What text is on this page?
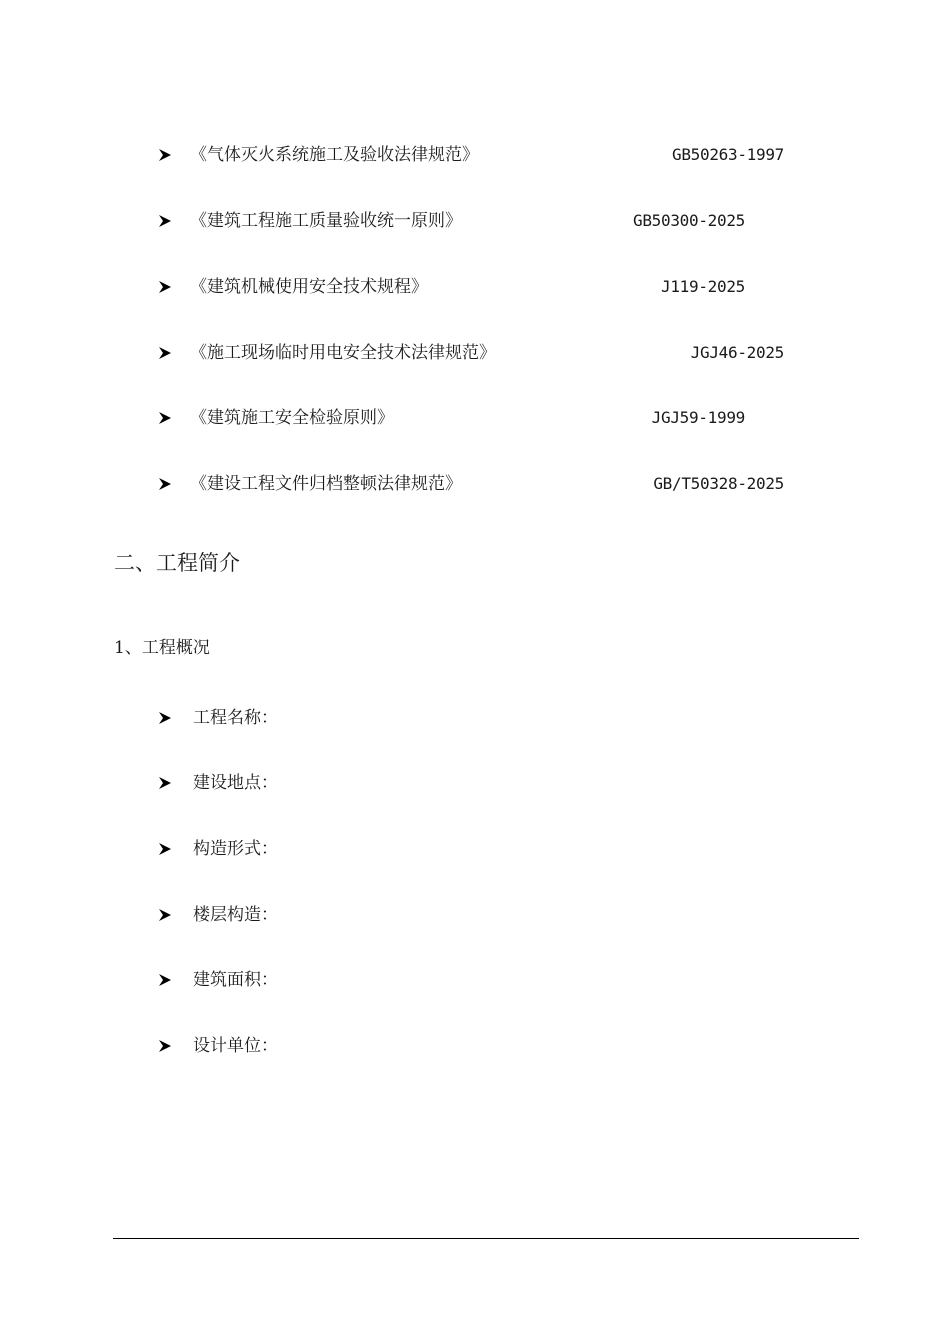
《气体灭火系统施工及验收法律规范》	GB50263-1997
《建筑工程施工质量验收统一原则》	GB50300-2025
《建筑机械使用安全技术规程》	J119-2025
《施工现场临时用电安全技术法律规范》	JGJ46-2025
《建筑施工安全检验原则》	JGJ59-1999
《建设工程文件归档整顿法律规范》	GB/T50328-2025
二、工程简介
1、工程概况
工程名称：
建设地点：
构造形式：
楼层构造：
建筑面积：
设计单位：
